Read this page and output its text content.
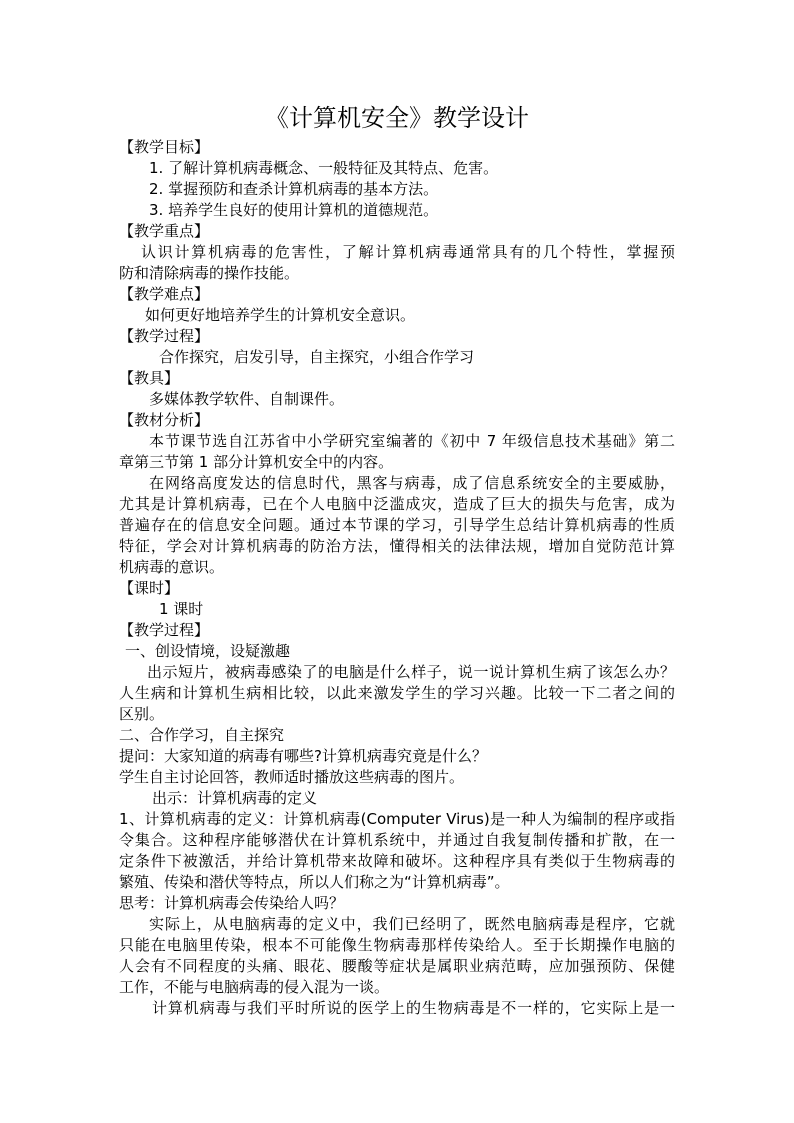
《计算机安全》教学设计
【教学目标】
1. 了解计算机病毒概念、一般特征及其特点、危害。
2. 掌握预防和查杀计算机病毒的基本方法。
3. 培养学生良好的使用计算机的道德规范。
【教学重点】
认识计算机病毒的危害性，了解计算机病毒通常具有的几个特性，掌握预
防和清除病毒的操作技能。
【教学难点】
如何更好地培养学生的计算机安全意识。
【教学过程】
合作探究，启发引导，自主探究，小组合作学习
【教具】
多媒体教学软件、自制课件。
【教材分析】
本节课节选自江苏省中小学研究室编著的《初中 7 年级信息技术基础》第二
章第三节第 1 部分计算机安全中的内容。
在网络高度发达的信息时代，黑客与病毒，成了信息系统安全的主要威胁，
尤其是计算机病毒，已在个人电脑中泛滥成灾，造成了巨大的损失与危害，成为
普遍存在的信息安全问题。通过本节课的学习，引导学生总结计算机病毒的性质
特征，学会对计算机病毒的防治方法，懂得相关的法律法规，增加自觉防范计算
机病毒的意识。
【课时】
1 课时
【教学过程】
一、创设情境，设疑激趣
出示短片，被病毒感染了的电脑是什么样子，说一说计算机生病了该怎么办？
人生病和计算机生病相比较，以此来激发学生的学习兴趣。比较一下二者之间的
区别。
二、合作学习，自主探究
提问：大家知道的病毒有哪些?计算机病毒究竟是什么？
学生自主讨论回答，教师适时播放这些病毒的图片。
出示：计算机病毒的定义
1、计算机病毒的定义：计算机病毒(Computer Virus)是一种人为编制的程序或指
令集合。这种程序能够潜伏在计算机系统中，并通过自我复制传播和扩散，在一
定条件下被激活，并给计算机带来故障和破坏。这种程序具有类似于生物病毒的
繁殖、传染和潜伏等特点，所以人们称之为“计算机病毒”。
思考：计算机病毒会传染给人吗？
实际上，从电脑病毒的定义中，我们已经明了，既然电脑病毒是程序，它就
只能在电脑里传染，根本不可能像生物病毒那样传染给人。至于长期操作电脑的
人会有不同程度的头痛、眼花、腰酸等症状是属职业病范畴，应加强预防、保健
工作，不能与电脑病毒的侵入混为一谈。
计算机病毒与我们平时所说的医学上的生物病毒是不一样的，它实际上是一
